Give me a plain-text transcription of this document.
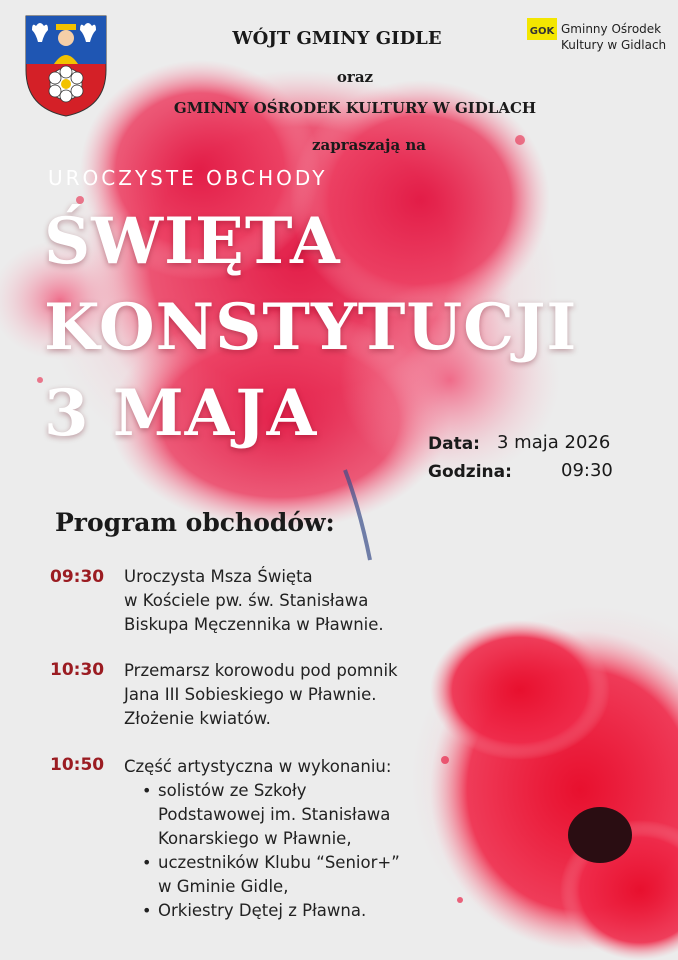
GOK Gminny Ośrodek
Kultury w Gidlach
WÓJT GMINY GIDLE
oraz
GMINNY OŚRODEK KULTURY W GIDLACH
zapraszają na
UROCZYSTE OBCHODY
ŚWIĘTA
KONSTYTUCJI
3 MAJA	Data: 3 maja 2026
Godzina:	09:30
Program obchodów:
09:30 Uroczysta Msza Święta
w Kościele pw. św. Stanisława
Biskupa Męczennika w Pławnie.
10:30 Przemarsz korowodu pod pomnik
Jana III Sobieskiego w Pławnie.
Złożenie kwiatów.
10:50 Część artystyczna w wykonaniu:
• solistów ze Szkoły
Podstawowej im. Stanisława
Konarskiego w Pławnie,
• uczestników Klubu “Senior+”
w Gminie Gidle,
• Orkiestry Dętej z Pławna.
